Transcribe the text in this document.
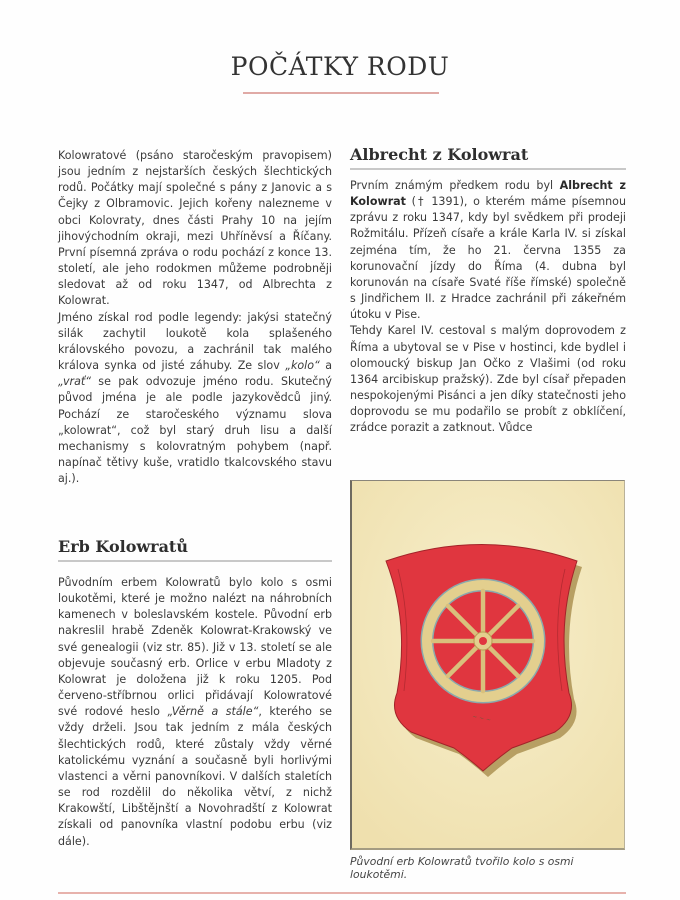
POČÁTKY RODU

Kolowratové (psáno staročeským pravopisem) jsou jedním z nejstarších českých šlechtických rodů. Počátky mají společné s pány z Janovic a s Čejky z Olbramovic. Jejich kořeny nalezneme v obci Kolovraty, dnes části Prahy 10 na jejím jihovýchodním okraji, mezi Uhříněvsí a Říčany. První písemná zpráva o rodu pochází z konce 13. století, ale jeho rodokmen můžeme podrobněji sledovat až od roku 1347, od Albrechta z Kolowrat.

Jméno získal rod podle legendy: jakýsi statečný silák zachytil loukotě kola splašeného královského povozu, a zachránil tak malého králova synka od jisté záhuby. Ze slov „kolo“ a „vrať“ se pak odvozuje jméno rodu. Skutečný původ jména je ale podle jazykovědců jiný. Pochází ze staročeského významu slova „kolowrat“, což byl starý druh lisu a další mechanismy s kolovratným pohybem (např. napínač tětivy kuše, vratidlo tkalcovského stavu aj.).

Erb Kolowratů

Původním erbem Kolowratů bylo kolo s osmi loukotěmi, které je možno nalézt na náhrobních kamenech v boleslavském kostele. Původní erb nakreslil hrabě Zdeněk Kolowrat-Krakowský ve své genealogii (viz str. 85). Již v 13. století se ale objevuje současný erb. Orlice v erbu Mladoty z Kolowrat je doložena již k roku 1205. Pod červeno-stříbrnou orlici přidávají Kolowratové své rodové heslo „Věrně a stále“, kterého se vždy drželi. Jsou tak jedním z mála českých šlechtických rodů, které zůstaly vždy věrné katolickému vyznání a současně byli horlivými vlastenci a věrni panovníkovi. V dalších staletích se rod rozdělil do několika větví, z nichž Krakowští, Libštějnští a Novohradští z Kolowrat získali od panovníka vlastní podobu erbu (viz dále).

Albrecht z Kolowrat

Prvním známým předkem rodu byl Albrecht z Kolowrat († 1391), o kterém máme písemnou zprávu z roku 1347, kdy byl svědkem při prodeji Rožmitálu. Přízeň císaře a krále Karla IV. si získal zejména tím, že ho 21. června 1355 za korunovační jízdy do Říma (4. dubna byl korunován na císaře Svaté říše římské) společně s Jindřichem II. z Hradce zachránil při zákeřném útoku v Pise.

Tehdy Karel IV. cestoval s malým doprovodem z Říma a ubytoval se v Pise v hostinci, kde bydlel i olomoucký biskup Jan Očko z Vlašimi (od roku 1364 arcibiskup pražský). Zde byl císař přepaden nespokojenými Pisánci a jen díky statečnosti jeho doprovodu se mu podařilo se probít z obklíčení, zrádce porazit a zatknout. Vůdce

~ ~ ~
Původní erb Kolowratů tvořilo kolo s osmi loukotěmi.
